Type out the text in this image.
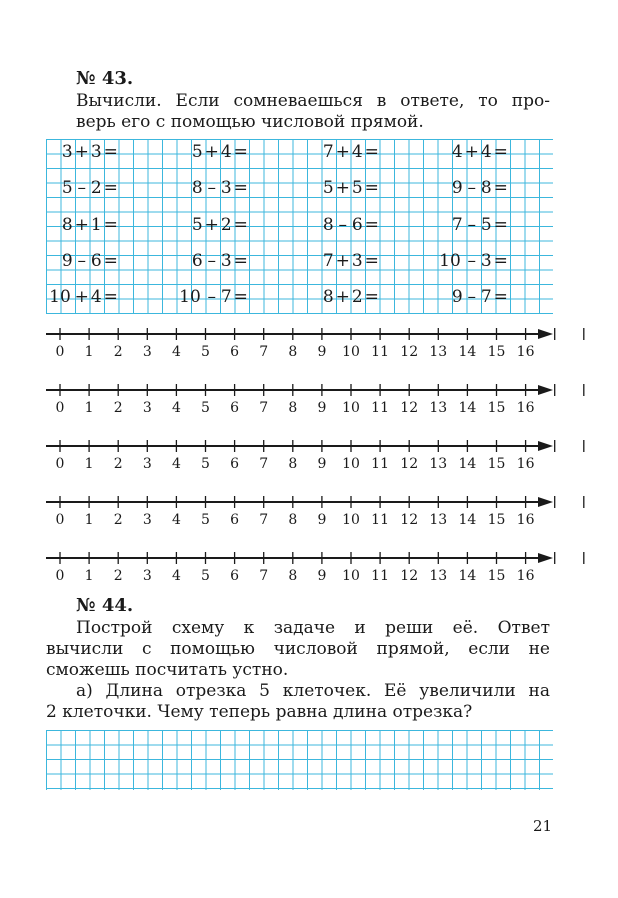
№ 43.
Вычисли. Если сомневаешься в ответе, то про-
верь его с помощью числовой прямой.
3 + 3 =
5 – 2 =
8 + 1 =
9 – 6 =
10 + 4 =
5 + 4 =
8 – 3 =
5 + 2 =
6 – 3 =
10 – 7 =
7 + 4 =
5 + 5 =
8 – 6 =
7 + 3 =
8 + 2 =
4 + 4 =
9 – 8 =
7 – 5 =
10 – 3 =
9 – 7 =
0 1 2 3 4 5 6 7 8 9 10 11 12 13 14 15 16
0 1 2 3 4 5 6 7 8 9 10 11 12 13 14 15 16
0 1 2 3 4 5 6 7 8 9 10 11 12 13 14 15 16
0 1 2 3 4 5 6 7 8 9 10 11 12 13 14 15 16
0 1 2 3 4 5 6 7 8 9 10 11 12 13 14 15 16
№ 44.
Построй схему к задаче и реши её. Ответ
вычисли с помощью числовой прямой, если не
сможешь посчитать устно.
а) Длина отрезка 5 клеточек. Её увеличили на
2 клеточки. Чему теперь равна длина отрезка?
21
